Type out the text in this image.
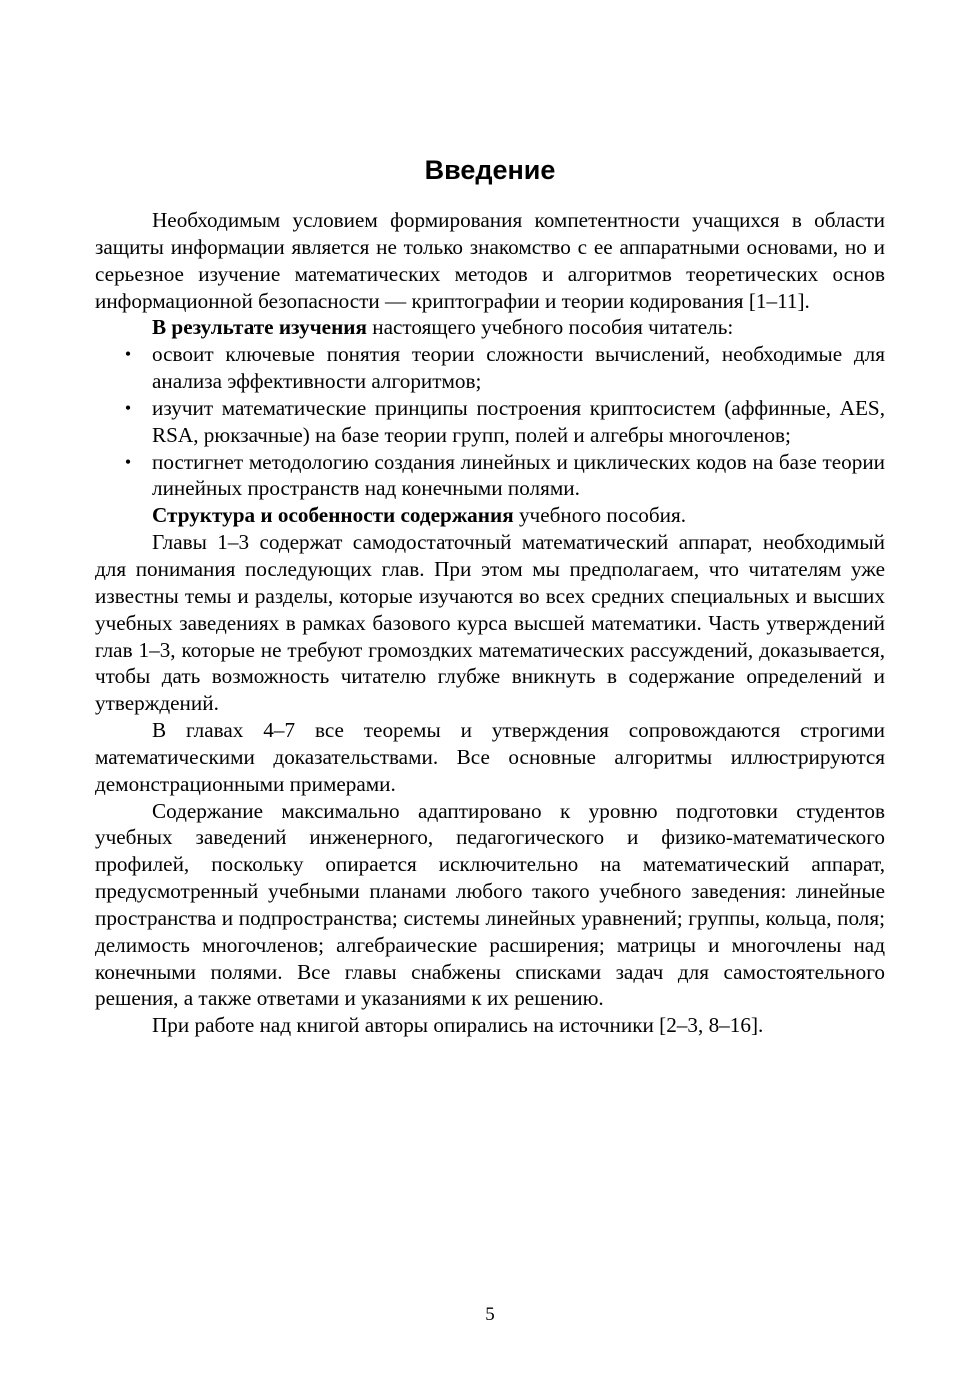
Введение

Необходимым условием формирования компетентности учащихся в области защиты информации является не только знакомство с ее аппаратными основами, но и серьезное изучение математических методов и алгоритмов теоретических основ информационной безопасности — криптографии и теории кодирования [1–11].

В результате изучения настоящего учебного пособия читатель:

• освоит ключевые понятия теории сложности вычислений, необходимые для анализа эффективности алгоритмов;
• изучит математические принципы построения криптосистем (аффинные, AES, RSA, рюкзачные) на базе теории групп, полей и алгебры многочленов;
• постигнет методологию создания линейных и циклических кодов на базе теории линейных пространств над конечными полями.

Структура и особенности содержания учебного пособия.

Главы 1–3 содержат самодостаточный математический аппарат, необходимый для понимания последующих глав. При этом мы предполагаем, что читателям уже известны темы и разделы, которые изучаются во всех средних специальных и высших учебных заведениях в рамках базового курса высшей математики. Часть утверждений глав 1–3, которые не требуют громоздких математических рассуждений, доказывается, чтобы дать возможность читателю глубже вникнуть в содержание определений и утверждений.

В главах 4–7 все теоремы и утверждения сопровождаются строгими математическими доказательствами. Все основные алгоритмы иллюстрируются демонстрационными примерами.

Содержание максимально адаптировано к уровню подготовки студентов учебных заведений инженерного, педагогического и физико-математического профилей, поскольку опирается исключительно на математический аппарат, предусмотренный учебными планами любого такого учебного заведения: линейные пространства и подпространства; системы линейных уравнений; группы, кольца, поля; делимость многочленов; алгебраические расширения; матрицы и многочлены над конечными полями. Все главы снабжены списками задач для самостоятельного решения, а также ответами и указаниями к их решению.

При работе над книгой авторы опирались на источники [2–3, 8–16].

5
